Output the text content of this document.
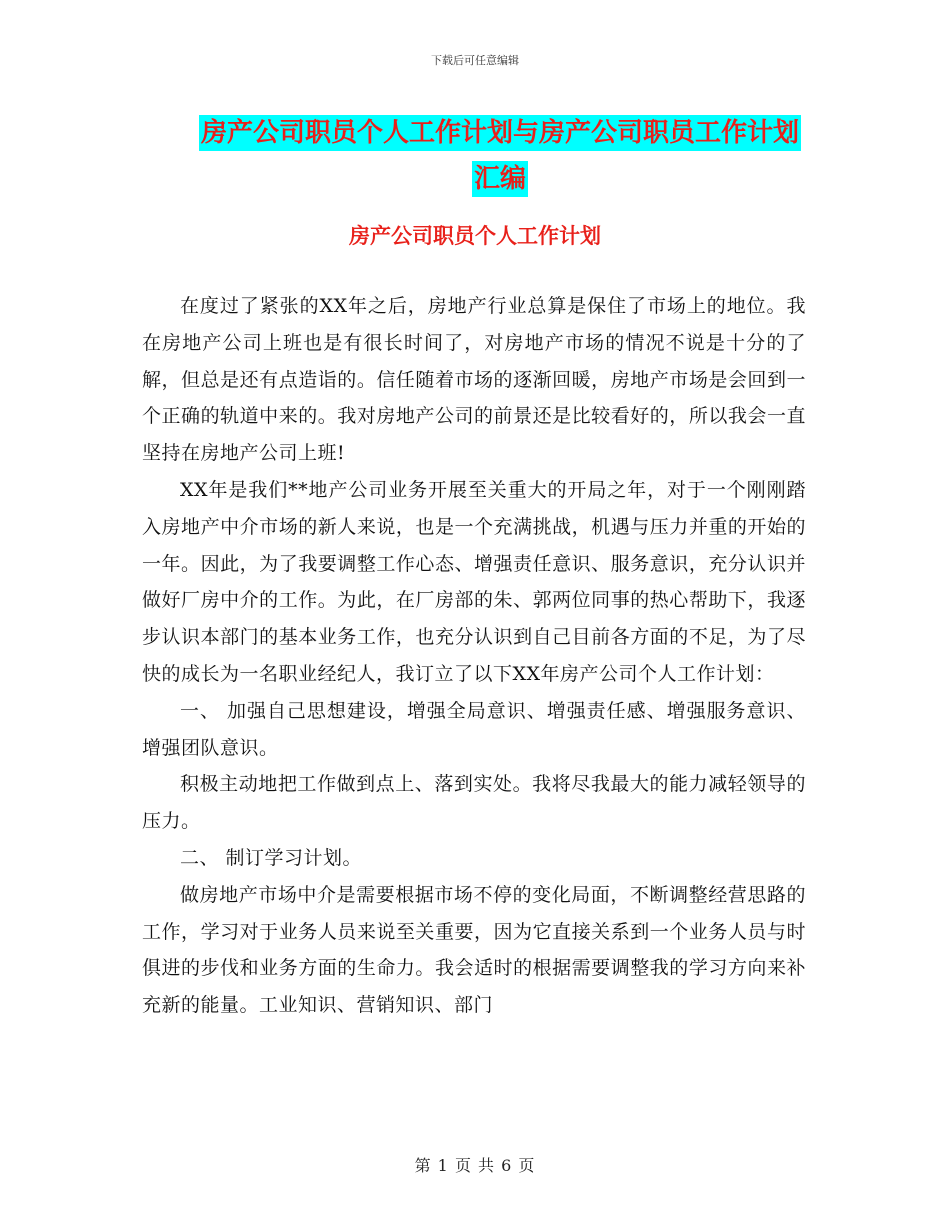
下载后可任意编辑
房产公司职员个人工作计划与房产公司职员工作计划
汇编
房产公司职员个人工作计划

在度过了紧张的XX年之后，房地产行业总算是保住了市场上的地位。我在房地产公司上班也是有很长时间了，对房地产市场的情况不说是十分的了解，但总是还有点造诣的。信任随着市场的逐渐回暖，房地产市场是会回到一个正确的轨道中来的。我对房地产公司的前景还是比较看好的，所以我会一直坚持在房地产公司上班!

XX年是我们**地产公司业务开展至关重大的开局之年，对于一个刚刚踏入房地产中介市场的新人来说，也是一个充满挑战，机遇与压力并重的开始的一年。因此，为了我要调整工作心态、增强责任意识、服务意识，充分认识并做好厂房中介的工作。为此，在厂房部的朱、郭两位同事的热心帮助下，我逐步认识本部门的基本业务工作，也充分认识到自己目前各方面的不足，为了尽快的成长为一名职业经纪人，我订立了以下XX年房产公司个人工作计划：

一、 加强自己思想建设，增强全局意识、增强责任感、增强服务意识、增强团队意识。

积极主动地把工作做到点上、落到实处。我将尽我最大的能力减轻领导的压力。

二、 制订学习计划。

做房地产市场中介是需要根据市场不停的变化局面，不断调整经营思路的工作，学习对于业务人员来说至关重要，因为它直接关系到一个业务人员与时俱进的步伐和业务方面的生命力。我会适时的根据需要调整我的学习方向来补充新的能量。工业知识、营销知识、部门

第 1 页 共 6 页
